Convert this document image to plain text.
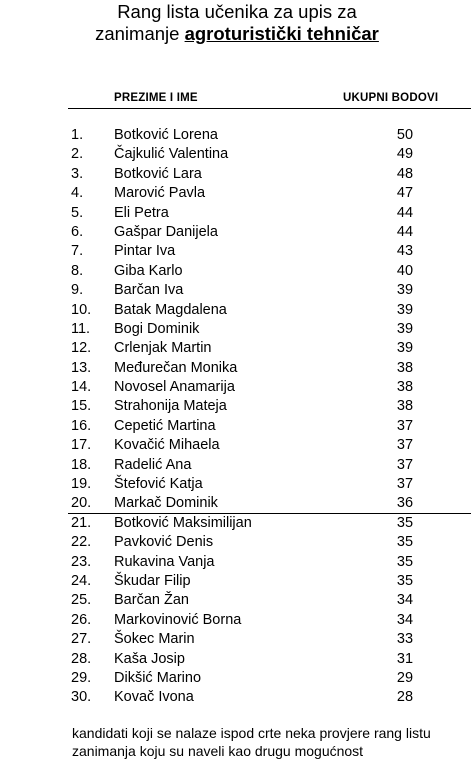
Rang lista učenika za upis za
zanimanje agroturistički tehničar
PREZIME I IME	UKUPNI BODOVI
1. Botković Lorena	50
2. Čajkulić Valentina	49
3. Botković Lara	48
4. Marović Pavla	47
5. Eli Petra	44
6. Gašpar Danijela	44
7. Pintar Iva	43
8. Giba Karlo	40
9. Barčan Iva	39
10. Batak Magdalena	39
11. Bogi Dominik	39
12. Crlenjak Martin	39
13. Međurečan Monika	38
14. Novosel Anamarija	38
15. Strahonija Mateja	38
16. Cepetić Martina	37
17. Kovačić Mihaela	37
18. Radelić Ana	37
19. Štefović Katja	37
20. Markač Dominik	36
21. Botković Maksimilijan	35
22. Pavković Denis	35
23. Rukavina Vanja	35
24. Škudar Filip	35
25. Barčan Žan	34
26. Markovinović Borna	34
27. Šokec Marin	33
28. Kaša Josip	31
29. Dikšić Marino	29
30. Kovač Ivona	28
kandidati koji se nalaze ispod crte neka provjere rang listu zanimanja koju su naveli kao drugu mogućnost
